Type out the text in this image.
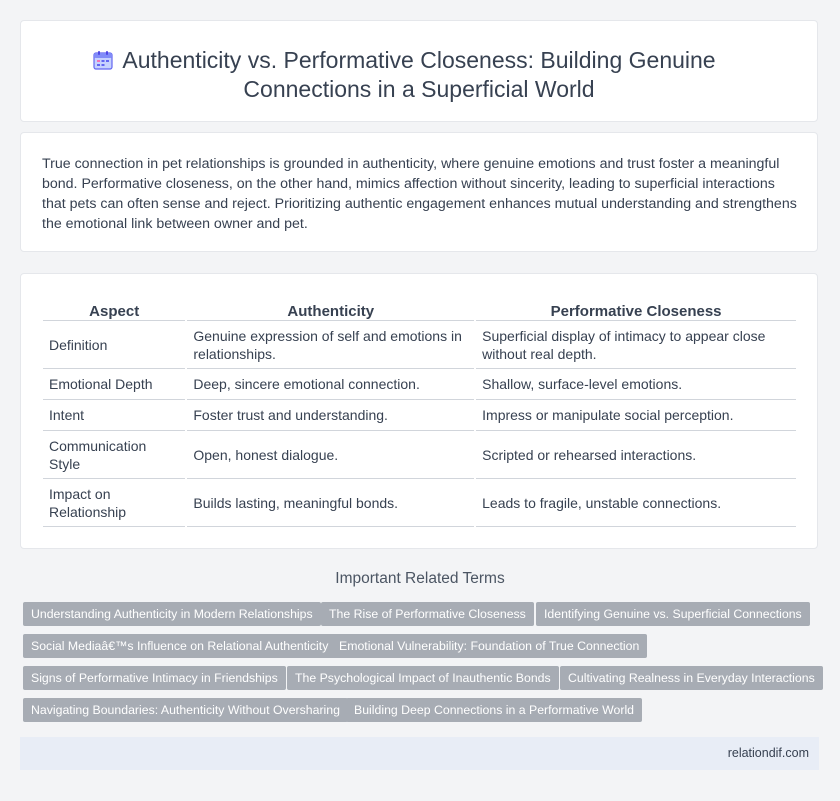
Authenticity vs. Performative Closeness: Building Genuine Connections in a Superficial World

True connection in pet relationships is grounded in authenticity, where genuine emotions and trust foster a meaningful bond. Performative closeness, on the other hand, mimics affection without sincerity, leading to superficial interactions that pets can often sense and reject. Prioritizing authentic engagement enhances mutual understanding and strengthens the emotional link between owner and pet.

Aspect	Authenticity	Performative Closeness
Definition	Genuine expression of self and emotions in relationships.	Superficial display of intimacy to appear close without real depth.
Emotional Depth	Deep, sincere emotional connection.	Shallow, surface-level emotions.
Intent	Foster trust and understanding.	Impress or manipulate social perception.
Communication Style	Open, honest dialogue.	Scripted or rehearsed interactions.
Impact on Relationship	Builds lasting, meaningful bonds.	Leads to fragile, unstable connections.
Important Related Terms
Understanding Authenticity in Modern Relationships	The Rise of Performative Closeness	Identifying Genuine vs. Superficial Connections
Social Mediaâ€™s Influence on Relational Authenticity Emotional Vulnerability: Foundation of True Connection
Signs of Performative Intimacy in Friendships	The Psychological Impact of Inauthentic Bonds	Cultivating Realness in Everyday Interactions
Navigating Boundaries: Authenticity Without Oversharing	Building Deep Connections in a Performative World
relationdif.com
